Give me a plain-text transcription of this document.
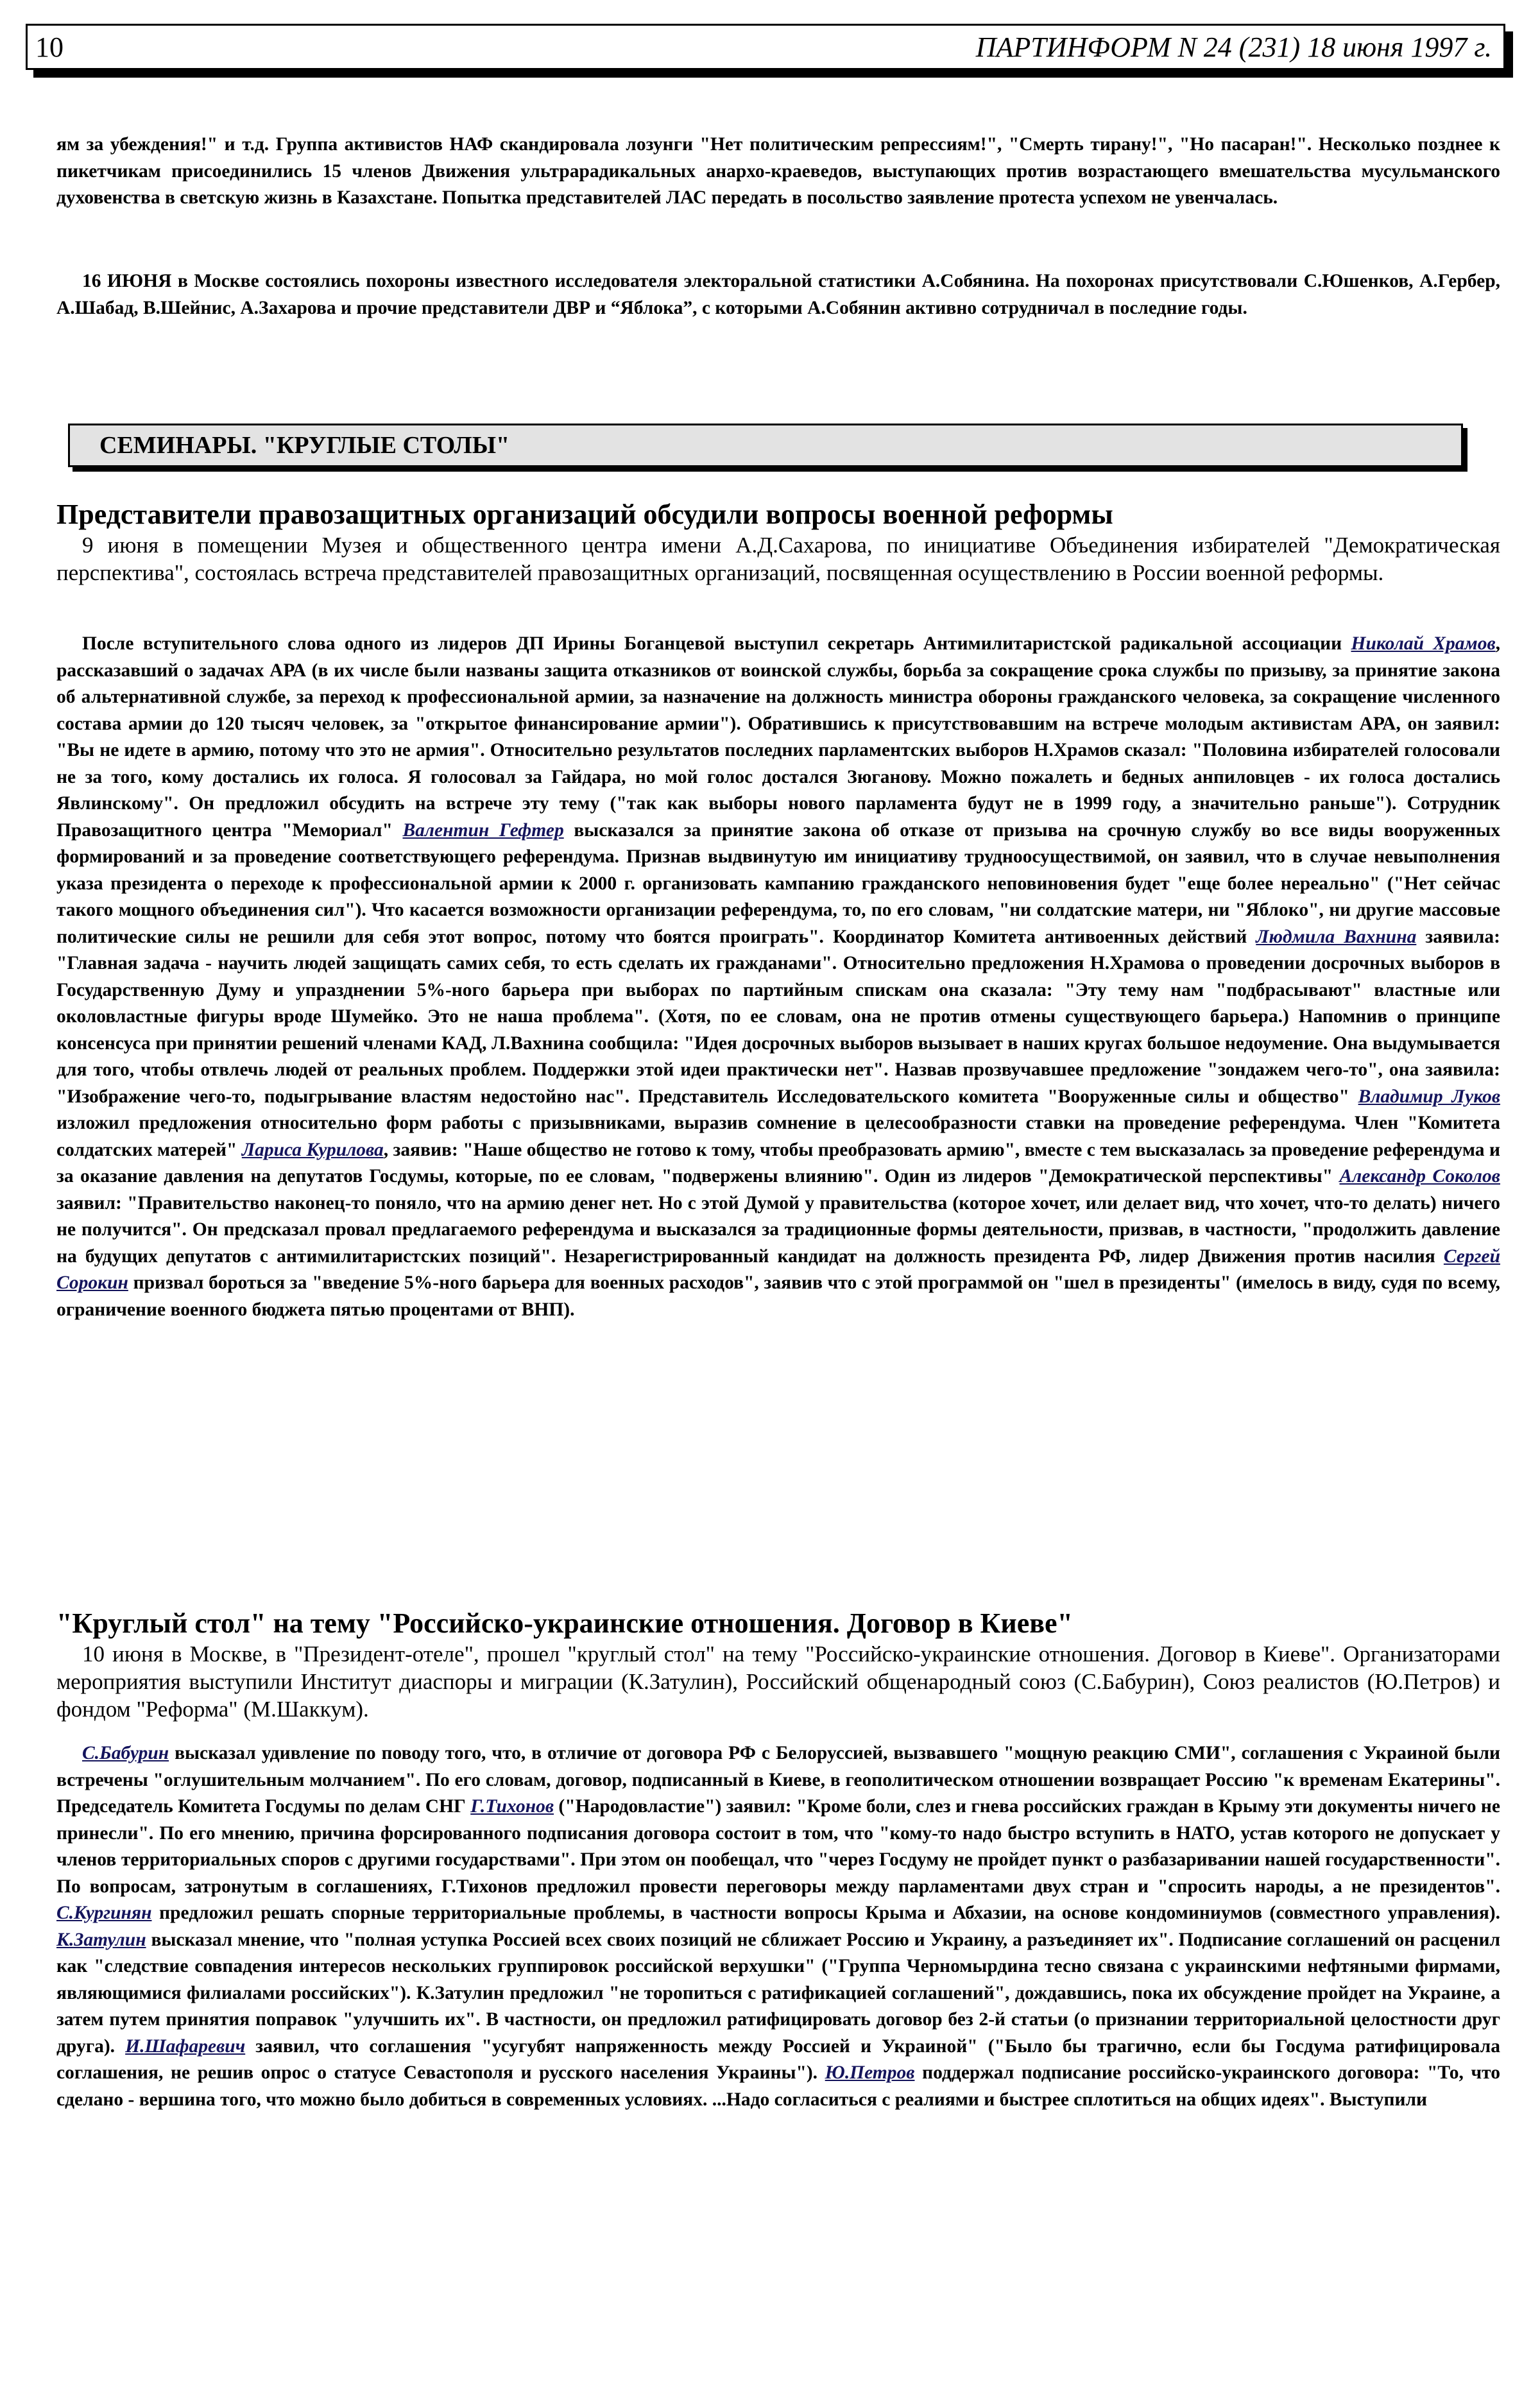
10	ПАРТИНФОРМ N 24 (231) 18 июня 1997 г.

ям за убеждения!" и т.д. Группа активистов НАФ скандировала лозунги "Нет политическим репрессиям!", "Смерть тирану!", "Но пасаран!". Несколько позднее к пикетчикам присоединились 15 членов Движения ультрарадикальных анархо-краеведов, выступающих против возрастающего вмешательства мусульманского духовенства в светскую жизнь в Казахстане. Попытка представителей ЛАС передать в посольство заявление протеста успехом не увенчалась.

16 ИЮНЯ в Москве состоялись похороны известного исследователя электоральной статистики А.Собянина. На похоронах присутствовали С.Юшенков, А.Гербер, А.Шабад, В.Шейнис, А.Захарова и прочие представители ДВР и “Яблока”, с которыми А.Собянин активно сотрудничал в последние годы.

СЕМИНАРЫ. "КРУГЛЫЕ СТОЛЫ"
Представители правозащитных организаций обсудили вопросы военной реформы

9 июня в помещении Музея и общественного центра имени А.Д.Сахарова, по инициативе Объединения избирателей "Демократическая перспектива", состоялась встреча представителей правозащитных организаций, посвященная осуществлению в России военной реформы.

После вступительного слова одного из лидеров ДП Ирины Боганцевой выступил секретарь Антимилитаристской радикальной ассоциации Николай Храмов, рассказавший о задачах АРА (в их числе были названы защита отказников от воинской службы, борьба за сокращение срока службы по призыву, за принятие закона об альтернативной службе, за переход к профессиональной армии, за назначение на должность министра обороны гражданского человека, за сокращение численного состава армии до 120 тысяч человек, за "открытое финансирование армии"). Обратившись к присутствовавшим на встрече молодым активистам АРА, он заявил: "Вы не идете в армию, потому что это не армия". Относительно результатов последних парламентских выборов Н.Храмов сказал: "Половина избирателей голосовали не за того, кому достались их голоса. Я голосовал за Гайдара, но мой голос достался Зюганову. Можно пожалеть и бедных анпиловцев - их голоса достались Явлинскому". Он предложил обсудить на встрече эту тему ("так как выборы нового парламента будут не в 1999 году, а значительно раньше"). Сотрудник Правозащитного центра "Мемориал" Валентин Гефтер высказался за принятие закона об отказе от призыва на срочную службу во все виды вооруженных формирований и за проведение соответствующего референдума. Признав выдвинутую им инициативу трудноосуществимой, он заявил, что в случае невыполнения указа президента о переходе к профессиональной армии к 2000 г. организовать кампанию гражданского неповиновения будет "еще более нереально" ("Нет сейчас такого мощного объединения сил"). Что касается возможности организации референдума, то, по его словам, "ни солдатские матери, ни "Яблоко", ни другие массовые политические силы не решили для себя этот вопрос, потому что боятся проиграть". Координатор Комитета антивоенных действий Людмила Вахнина заявила: "Главная задача - научить людей защищать самих себя, то есть сделать их гражданами". Относительно предложения Н.Храмова о проведении досрочных выборов в Государственную Думу и упразднении 5%-ного барьера при выборах по партийным спискам она сказала: "Эту тему нам "подбрасывают" властные или околовластные фигуры вроде Шумейко. Это не наша проблема". (Хотя, по ее словам, она не против отмены существующего барьера.) Напомнив о принципе консенсуса при принятии решений членами КАД, Л.Вахнина сообщила: "Идея досрочных выборов вызывает в наших кругах большое недоумение. Она выдумывается для того, чтобы отвлечь людей от реальных проблем. Поддержки этой идеи практически нет". Назвав прозвучавшее предложение "зондажем чего-то", она заявила: "Изображение чего-то, подыгрывание властям недостойно нас". Представитель Исследовательского комитета "Вооруженные силы и общество" Владимир Луков изложил предложения относительно форм работы с призывниками, выразив сомнение в целесообразности ставки на проведение референдума. Член "Комитета солдатских матерей" Лариса Курилова, заявив: "Наше общество не готово к тому, чтобы преобразовать армию", вместе с тем высказалась за проведение референдума и за оказание давления на депутатов Госдумы, которые, по ее словам, "подвержены влиянию". Один из лидеров "Демократической перспективы" Александр Соколов заявил: "Правительство наконец-то поняло, что на армию денег нет. Но с этой Думой у правительства (которое хочет, или делает вид, что хочет, что-то делать) ничего не получится". Он предсказал провал предлагаемого референдума и высказался за традиционные формы деятельности, призвав, в частности, "продолжить давление на будущих депутатов с антимилитаристских позиций". Незарегистрированный кандидат на должность президента РФ, лидер Движения против насилия Сергей Сорокин призвал бороться за "введение 5%-ного барьера для военных расходов", заявив что с этой программой он "шел в президенты" (имелось в виду, судя по всему, ограничение военного бюджета пятью процентами от ВНП).

"Круглый стол" на тему "Российско-украинские отношения. Договор в Киеве"

10 июня в Москве, в "Президент-отеле", прошел "круглый стол" на тему "Российско-украинские отношения. Договор в Киеве". Организаторами мероприятия выступили Институт диаспоры и миграции (К.Затулин), Российский общенародный союз (С.Бабурин), Союз реалистов (Ю.Петров) и фондом "Реформа" (М.Шаккум).

С.Бабурин высказал удивление по поводу того, что, в отличие от договора РФ с Белоруссией, вызвавшего "мощную реакцию СМИ", соглашения с Украиной были встречены "оглушительным молчанием". По его словам, договор, подписанный в Киеве, в геополитическом отношении возвращает Россию "к временам Екатерины". Председатель Комитета Госдумы по делам СНГ Г.Тихонов ("Народовластие") заявил: "Кроме боли, слез и гнева российских граждан в Крыму эти документы ничего не принесли". По его мнению, причина форсированного подписания договора состоит в том, что "кому-то надо быстро вступить в НАТО, устав которого не допускает у членов территориальных споров с другими государствами". При этом он пообещал, что "через Госдуму не пройдет пункт о разбазаривании нашей государственности". По вопросам, затронутым в соглашениях, Г.Тихонов предложил провести переговоры между парламентами двух стран и "спросить народы, а не президентов". С.Кургинян предложил решать спорные территориальные проблемы, в частности вопросы Крыма и Абхазии, на основе кондоминиумов (совместного управления). К.Затулин высказал мнение, что "полная уступка Россией всех своих позиций не сближает Россию и Украину, а разъединяет их". Подписание соглашений он расценил как "следствие совпадения интересов нескольких группировок российской верхушки" ("Группа Черномырдина тесно связана с украинскими нефтяными фирмами, являющимися филиалами российских"). К.Затулин предложил "не торопиться с ратификацией соглашений", дождавшись, пока их обсуждение пройдет на Украине, а затем путем принятия поправок "улучшить их". В частности, он предложил ратифицировать договор без 2-й статьи (о признании территориальной целостности друг друга). И.Шафаревич заявил, что соглашения "усугубят напряженность между Россией и Украиной" ("Было бы трагично, если бы Госдума ратифицировала соглашения, не решив опрос о статусе Севастополя и русского населения Украины"). Ю.Петров поддержал подписание российско-украинского договора: "То, что сделано - вершина того, что можно было добиться в современных условиях. ...Надо согласиться с реалиями и быстрее сплотиться на общих идеях". Выступили
